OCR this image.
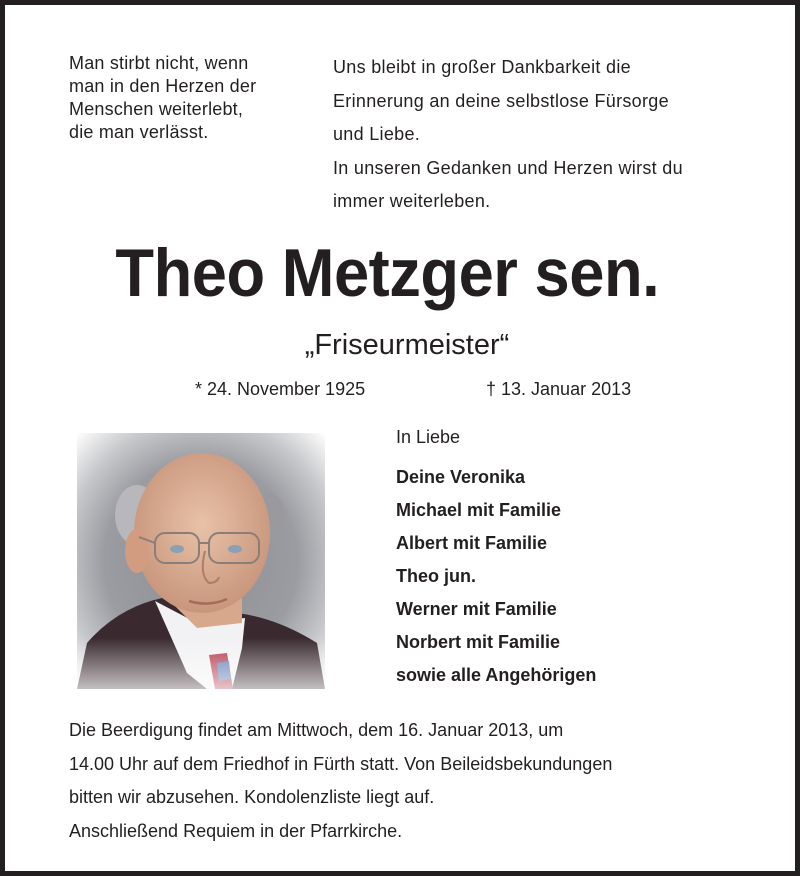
Man stirbt nicht, wenn
man in den Herzen der
Menschen weiterlebt,
die man verlässt.
Uns bleibt in großer Dankbarkeit die
Erinnerung an deine selbstlose Fürsorge
und Liebe.
In unseren Gedanken und Herzen wirst du
immer weiterleben.
Theo Metzger sen.
„Friseurmeister“
* 24. November 1925	† 13. Januar 2013
In Liebe
Deine Veronika
Michael mit Familie
Albert mit Familie
Theo jun.
Werner mit Familie
Norbert mit Familie
sowie alle Angehörigen
Die Beerdigung findet am Mittwoch, dem 16. Januar 2013, um
14.00 Uhr auf dem Friedhof in Fürth statt. Von Beileidsbekundungen
bitten wir abzusehen. Kondolenzliste liegt auf.
Anschließend Requiem in der Pfarrkirche.
